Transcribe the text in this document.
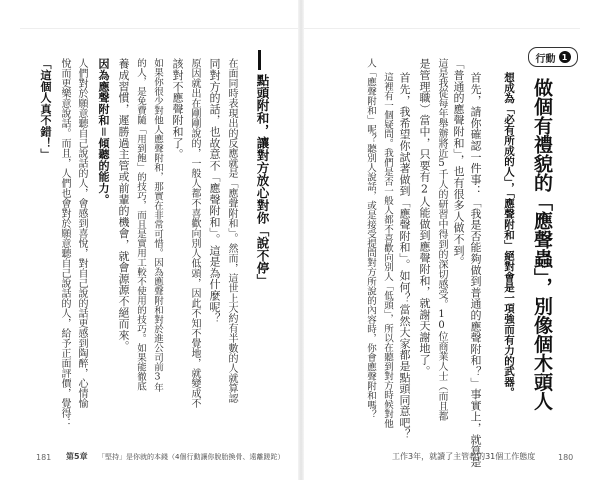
行動 1
做個有禮貌的「應聲蟲」，別像個木頭人
想成為「必有所成的人」，「應聲附和」絕對會是一項強而有力的武器。
首先，請你確認一件事：「我是否能夠做到普通的應聲附和？」事實上，就算是
「普通的應聲附和」，也有很多人做不到。
這是我從每年舉辦將近5千人的研習中得到的深切感受。10位商業人士（而且都
是管理職）當中，只要有2人能做到應聲附和，就謝天謝地了。
首先，我希望你試著做到「應聲附和」。如何？當然大家都是點頭同意吧？
這裡有一個疑問。我們是否一般人都不喜歡向別人「低頭」，所以在聽到對方時候對他
人「應聲附和」呢？聽別人說話，或是接受提問對方所說的內容時，你會應聲附和嗎？
工作3年，就讀了主管教的31個工作態度	180
點頭附和，讓對方放心對你「說不停」
在面同時表現出的反應就是「應聲附和」。然而，這世上大約有半數的人就算認
同對方的話，也故意不「應聲附和」。這是為什麼呢？
原因就出在剛剛說的，一般人都不喜歡向別人低頭，因此不知不覺地，就變成不
該對不應聲附和了。
如果你很少對他人應聲附和，那實在非常可惜。因為應聲附和對於進公司前3年
的人，是免費隨「用到飽」的技巧，而且是實用工較不使用的技巧。如果能徹底
養成習慣，遲勝過主管或前輩的機會，就會源源不絕而來。
因為應聲附和＝傾聽的能力。
人們對於願意聽自己說話的人，會感到喜悅，對自己說的話更感到陶醉，心情愉
悅而更樂意說話。而且，人們也會對於願意聽自己說話的人，給予正面評價，覺得：
「這個人真不錯！」
181 第5章 「堅持」是你就的本錢（4個行動讓你脫胎換骨、遠離蹉跎）
